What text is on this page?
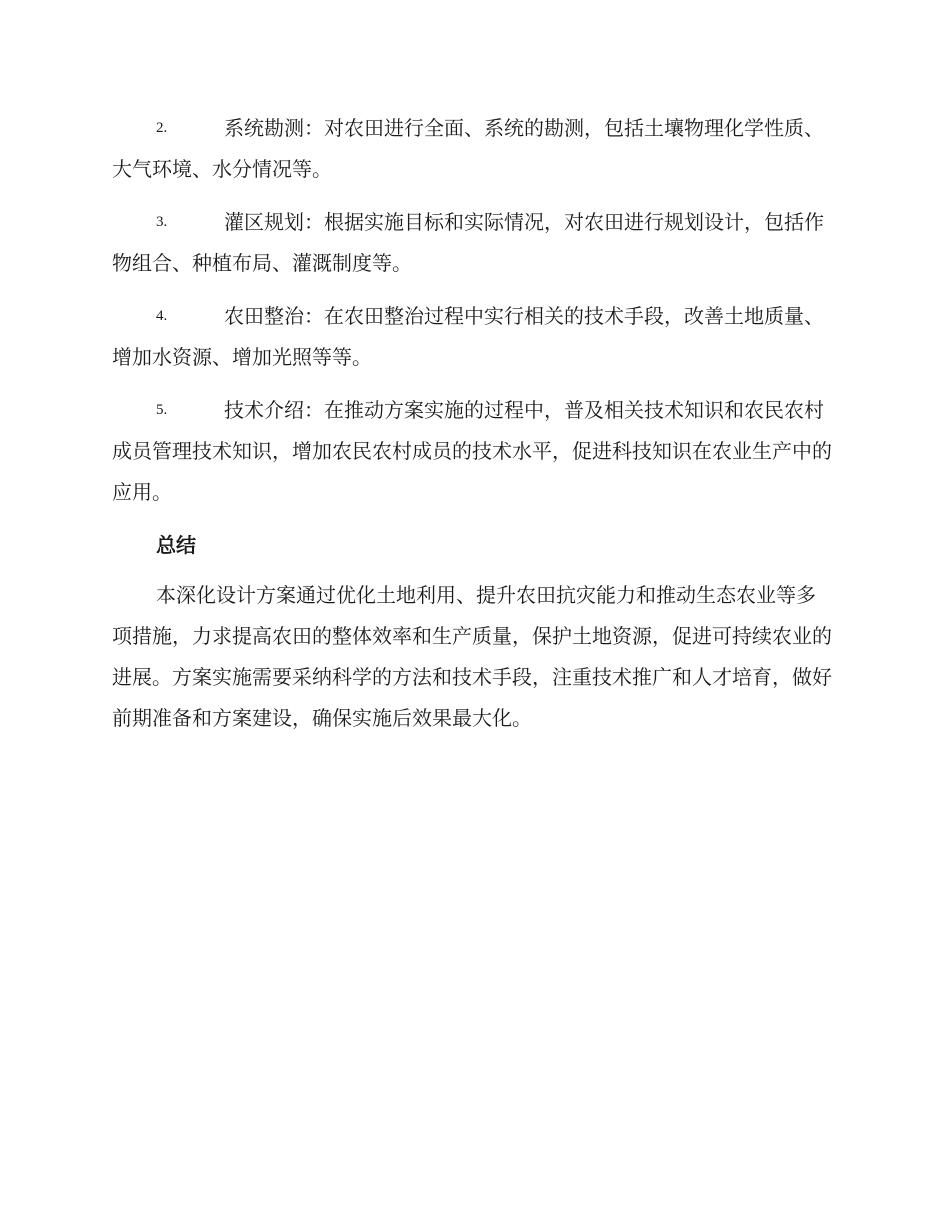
2.	系统勘测：对农田进行全面、系统的勘测，包括土壤物理化学性质、大气环境、水分情况等。
3.	灌区规划：根据实施目标和实际情况，对农田进行规划设计，包括作物组合、种植布局、灌溉制度等。
4.	农田整治：在农田整治过程中实行相关的技术手段，改善土地质量、增加水资源、增加光照等等。
5.	技术介绍：在推动方案实施的过程中，普及相关技术知识和农民农村成员管理技术知识，增加农民农村成员的技术水平，促进科技知识在农业生产中的应用。
总结

本深化设计方案通过优化土地利用、提升农田抗灾能力和推动生态农业等多项措施，力求提高农田的整体效率和生产质量，保护土地资源，促进可持续农业的进展。方案实施需要采纳科学的方法和技术手段，注重技术推广和人才培育，做好前期准备和方案建设，确保实施后效果最大化。
